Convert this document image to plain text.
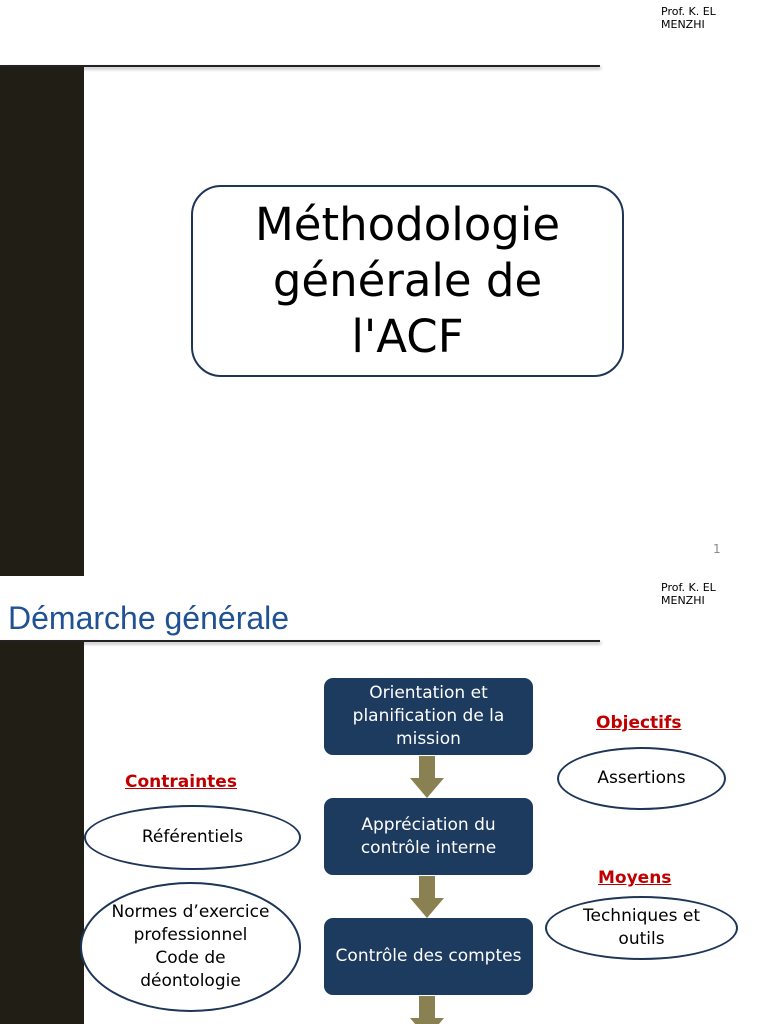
Prof. K. EL MENZHI
Méthodologie générale de l'ACF
1
Prof. K. EL MENZHI
Démarche générale
Orientation et planification de la mission
Appréciation du contrôle interne
Contrôle des comptes
Contraintes
Référentiels
Normes d’exercice professionnel Code de déontologie
Objectifs
Assertions
Moyens
Techniques et outils
